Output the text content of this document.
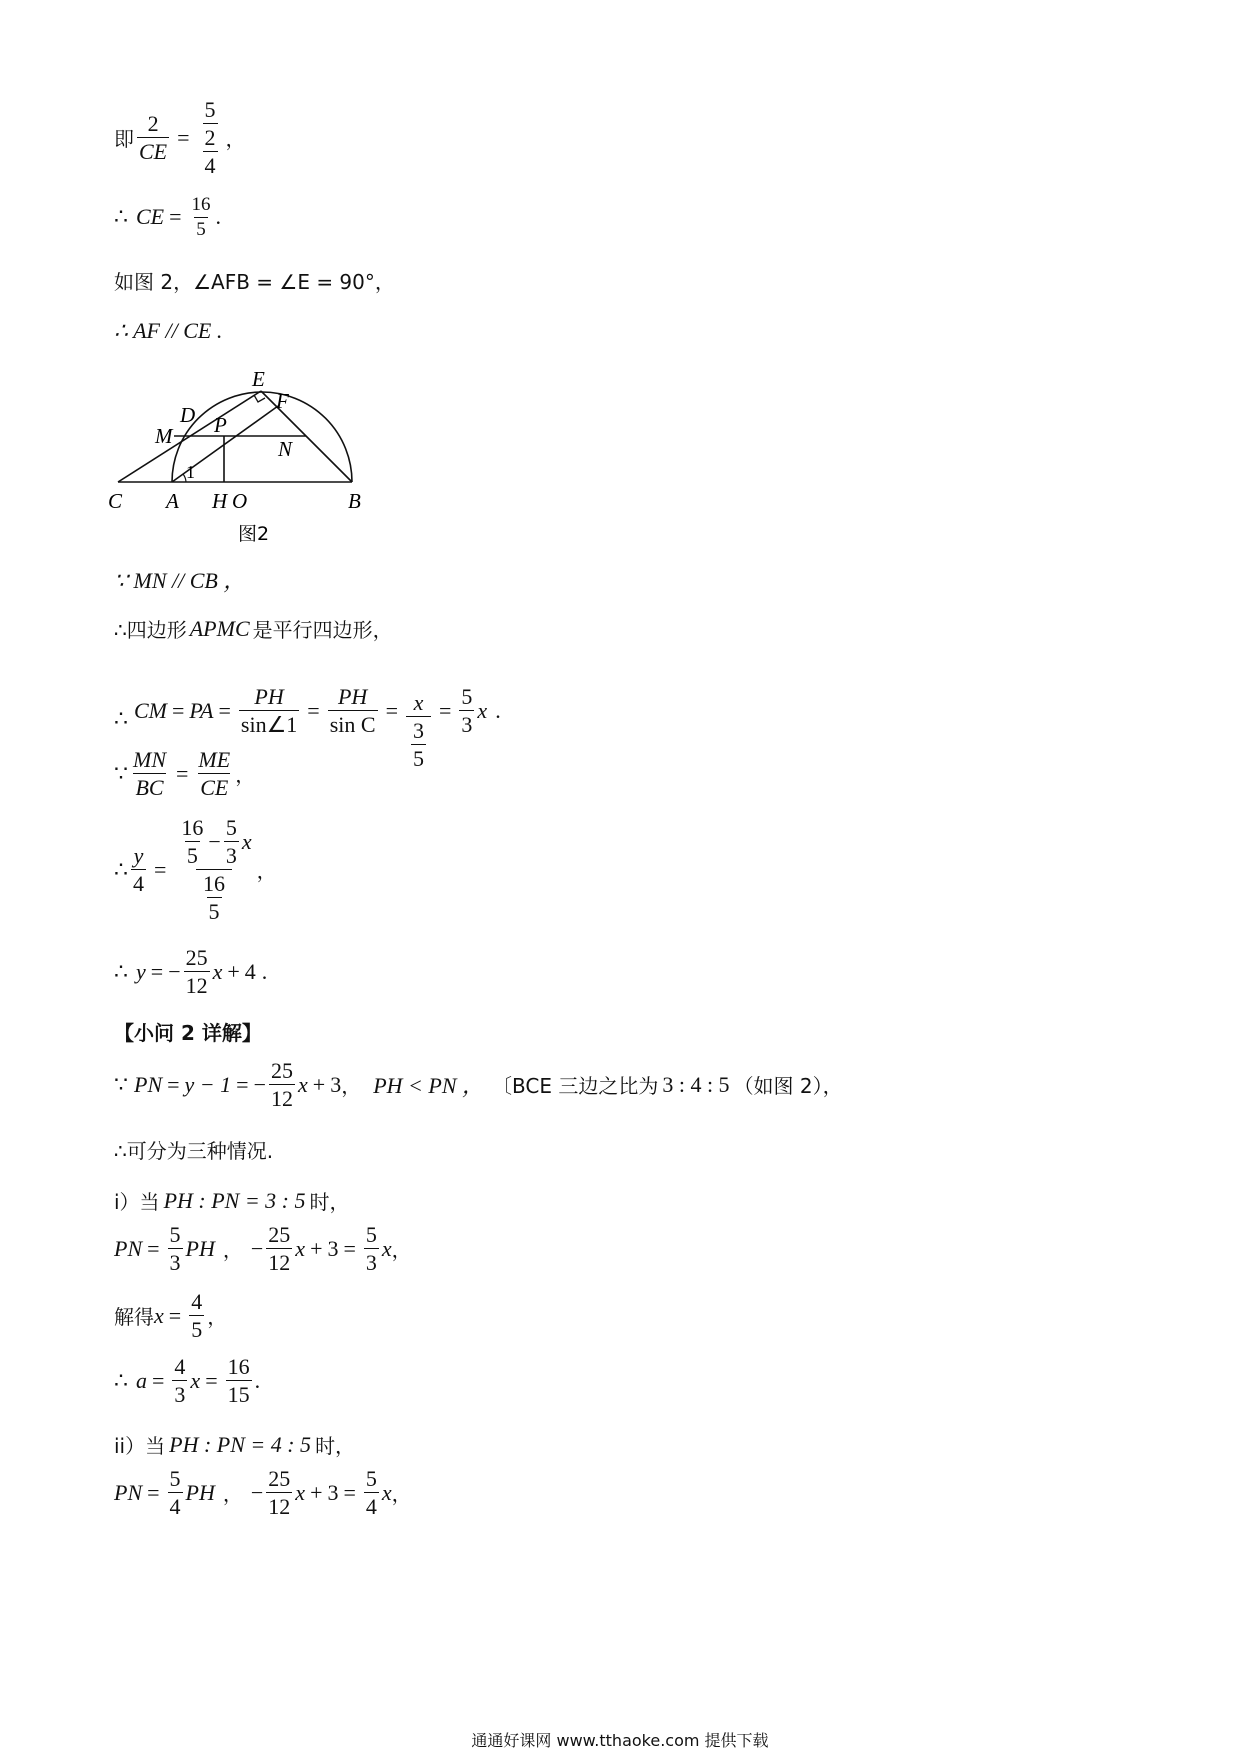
即 $\frac{2}{CE} = \frac{\frac{5}{2}}{4}$ ，
∴ CE = $\frac{16}{5}$ .
如图 2，∠AFB = ∠E = 90°，
∴ AF // CE .
E
F
D
M P
N
C A H O	B
1
图2
∵ MN // CB ，
∴四边形 APMC 是平行四边形，
∴ CM = PA = $\frac{PH}{\sin\angle 1} = \frac{PH}{\text{sin C}} = \frac{x}{\frac{3}{5}} = \frac{5}{3}$ x .
∵ $\frac{MN}{BC} = \frac{ME}{CE}$ ，
∴ $\frac{y}{4}$ =
$\frac{16}{5} - \frac{5}{3}$ x
$\frac{16}{5}$
，
∴ y = − $\frac{25}{12}$ x + 4 .
【小问 2 详解】
∵ PN = y − 1 = − $\frac{25}{12}$ x + 3 ， PH < PN ， 〔BCE 三边之比为 3 : 4 : 5 （如图 2），
∴可分为三种情况.
i）当 PH : PN = 3 : 5 时，
PN = $\frac{5}{3}$ PH ， − $\frac{25}{12}$ $x + 3 = \frac{5}{3}$ x ，
解得 $x = \frac{4}{5}$ ，
∴ $a = \frac{4}{3}$ $x = \frac{16}{15}$ .
ii）当 PH : PN = 4 : 5 时，
PN = $\frac{5}{4}$ PH ， − $\frac{25}{12}$ $x + 3 = \frac{5}{4}$ x ，
通通好课网 www.tthaoke.com 提供下载
